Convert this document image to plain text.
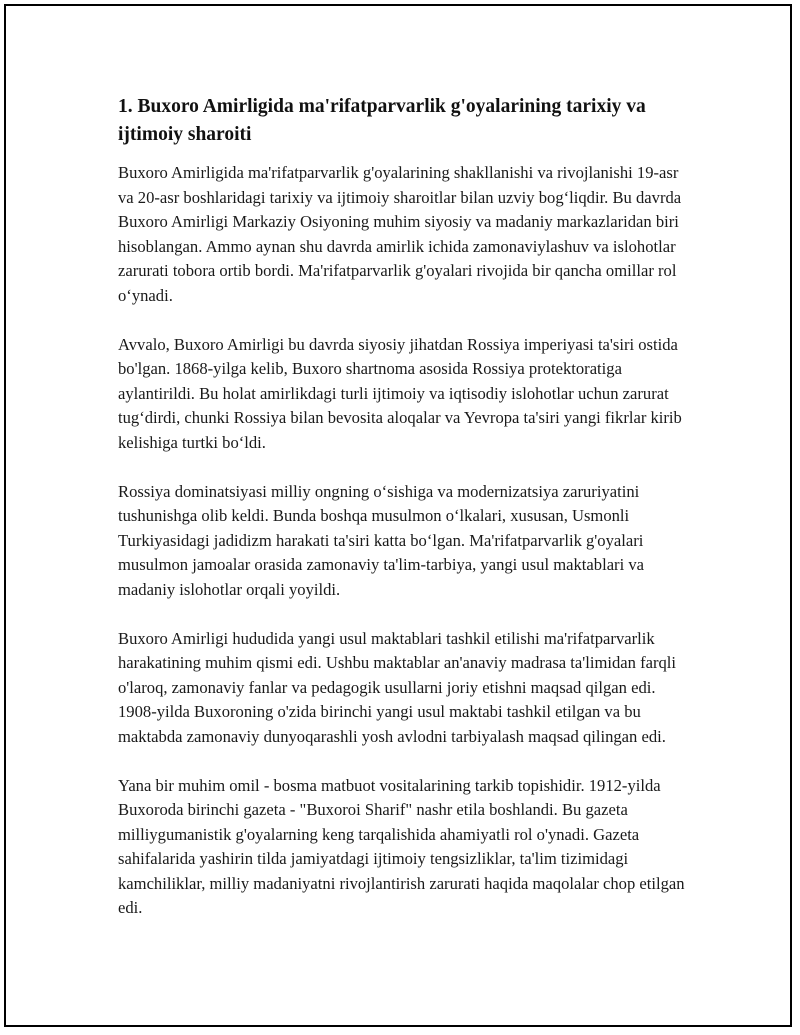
1. Buxoro Amirligida ma'rifatparvarlik g'oyalarining tarixiy va ijtimoiy sharoiti

Buxoro Amirligida ma'rifatparvarlik g'oyalarining shakllanishi va rivojlanishi 19-asr va 20-asr boshlaridagi tarixiy va ijtimoiy sharoitlar bilan uzviy bog‘liqdir. Bu davrda Buxoro Amirligi Markaziy Osiyoning muhim siyosiy va madaniy markazlaridan biri hisoblangan. Ammo aynan shu davrda amirlik ichida zamonaviylashuv va islohotlar zarurati tobora ortib bordi. Ma'rifatparvarlik g'oyalari rivojida bir qancha omillar rol o‘ynadi.

Avvalo, Buxoro Amirligi bu davrda siyosiy jihatdan Rossiya imperiyasi ta'siri ostida bo'lgan. 1868-yilga kelib, Buxoro shartnoma asosida Rossiya protektoratiga aylantirildi. Bu holat amirlikdagi turli ijtimoiy va iqtisodiy islohotlar uchun zarurat tug‘dirdi, chunki Rossiya bilan bevosita aloqalar va Yevropa ta'siri yangi fikrlar kirib kelishiga turtki bo‘ldi.

Rossiya dominatsiyasi milliy ongning o‘sishiga va modernizatsiya zaruriyatini tushunishga olib keldi. Bunda boshqa musulmon o‘lkalari, xususan, Usmonli Turkiyasidagi jadidizm harakati ta'siri katta bo‘lgan. Ma'rifatparvarlik g'oyalari musulmon jamoalar orasida zamonaviy ta'lim-tarbiya, yangi usul maktablari va madaniy islohotlar orqali yoyildi.

Buxoro Amirligi hududida yangi usul maktablari tashkil etilishi ma'rifatparvarlik harakatining muhim qismi edi. Ushbu maktablar an'anaviy madrasa ta'limidan farqli o'laroq, zamonaviy fanlar va pedagogik usullarni joriy etishni maqsad qilgan edi. 1908-yilda Buxoroning o'zida birinchi yangi usul maktabi tashkil etilgan va bu maktabda zamonaviy dunyoqarashli yosh avlodni tarbiyalash maqsad qilingan edi.

Yana bir muhim omil - bosma matbuot vositalarining tarkib topishidir. 1912-yilda Buxoroda birinchi gazeta - "Buxoroi Sharif" nashr etila boshlandi. Bu gazeta milliygumanistik g'oyalarning keng tarqalishida ahamiyatli rol o'ynadi. Gazeta sahifalarida yashirin tilda jamiyatdagi ijtimoiy tengsizliklar, ta'lim tizimidagi kamchiliklar, milliy madaniyatni rivojlantirish zarurati haqida maqolalar chop etilgan edi.
